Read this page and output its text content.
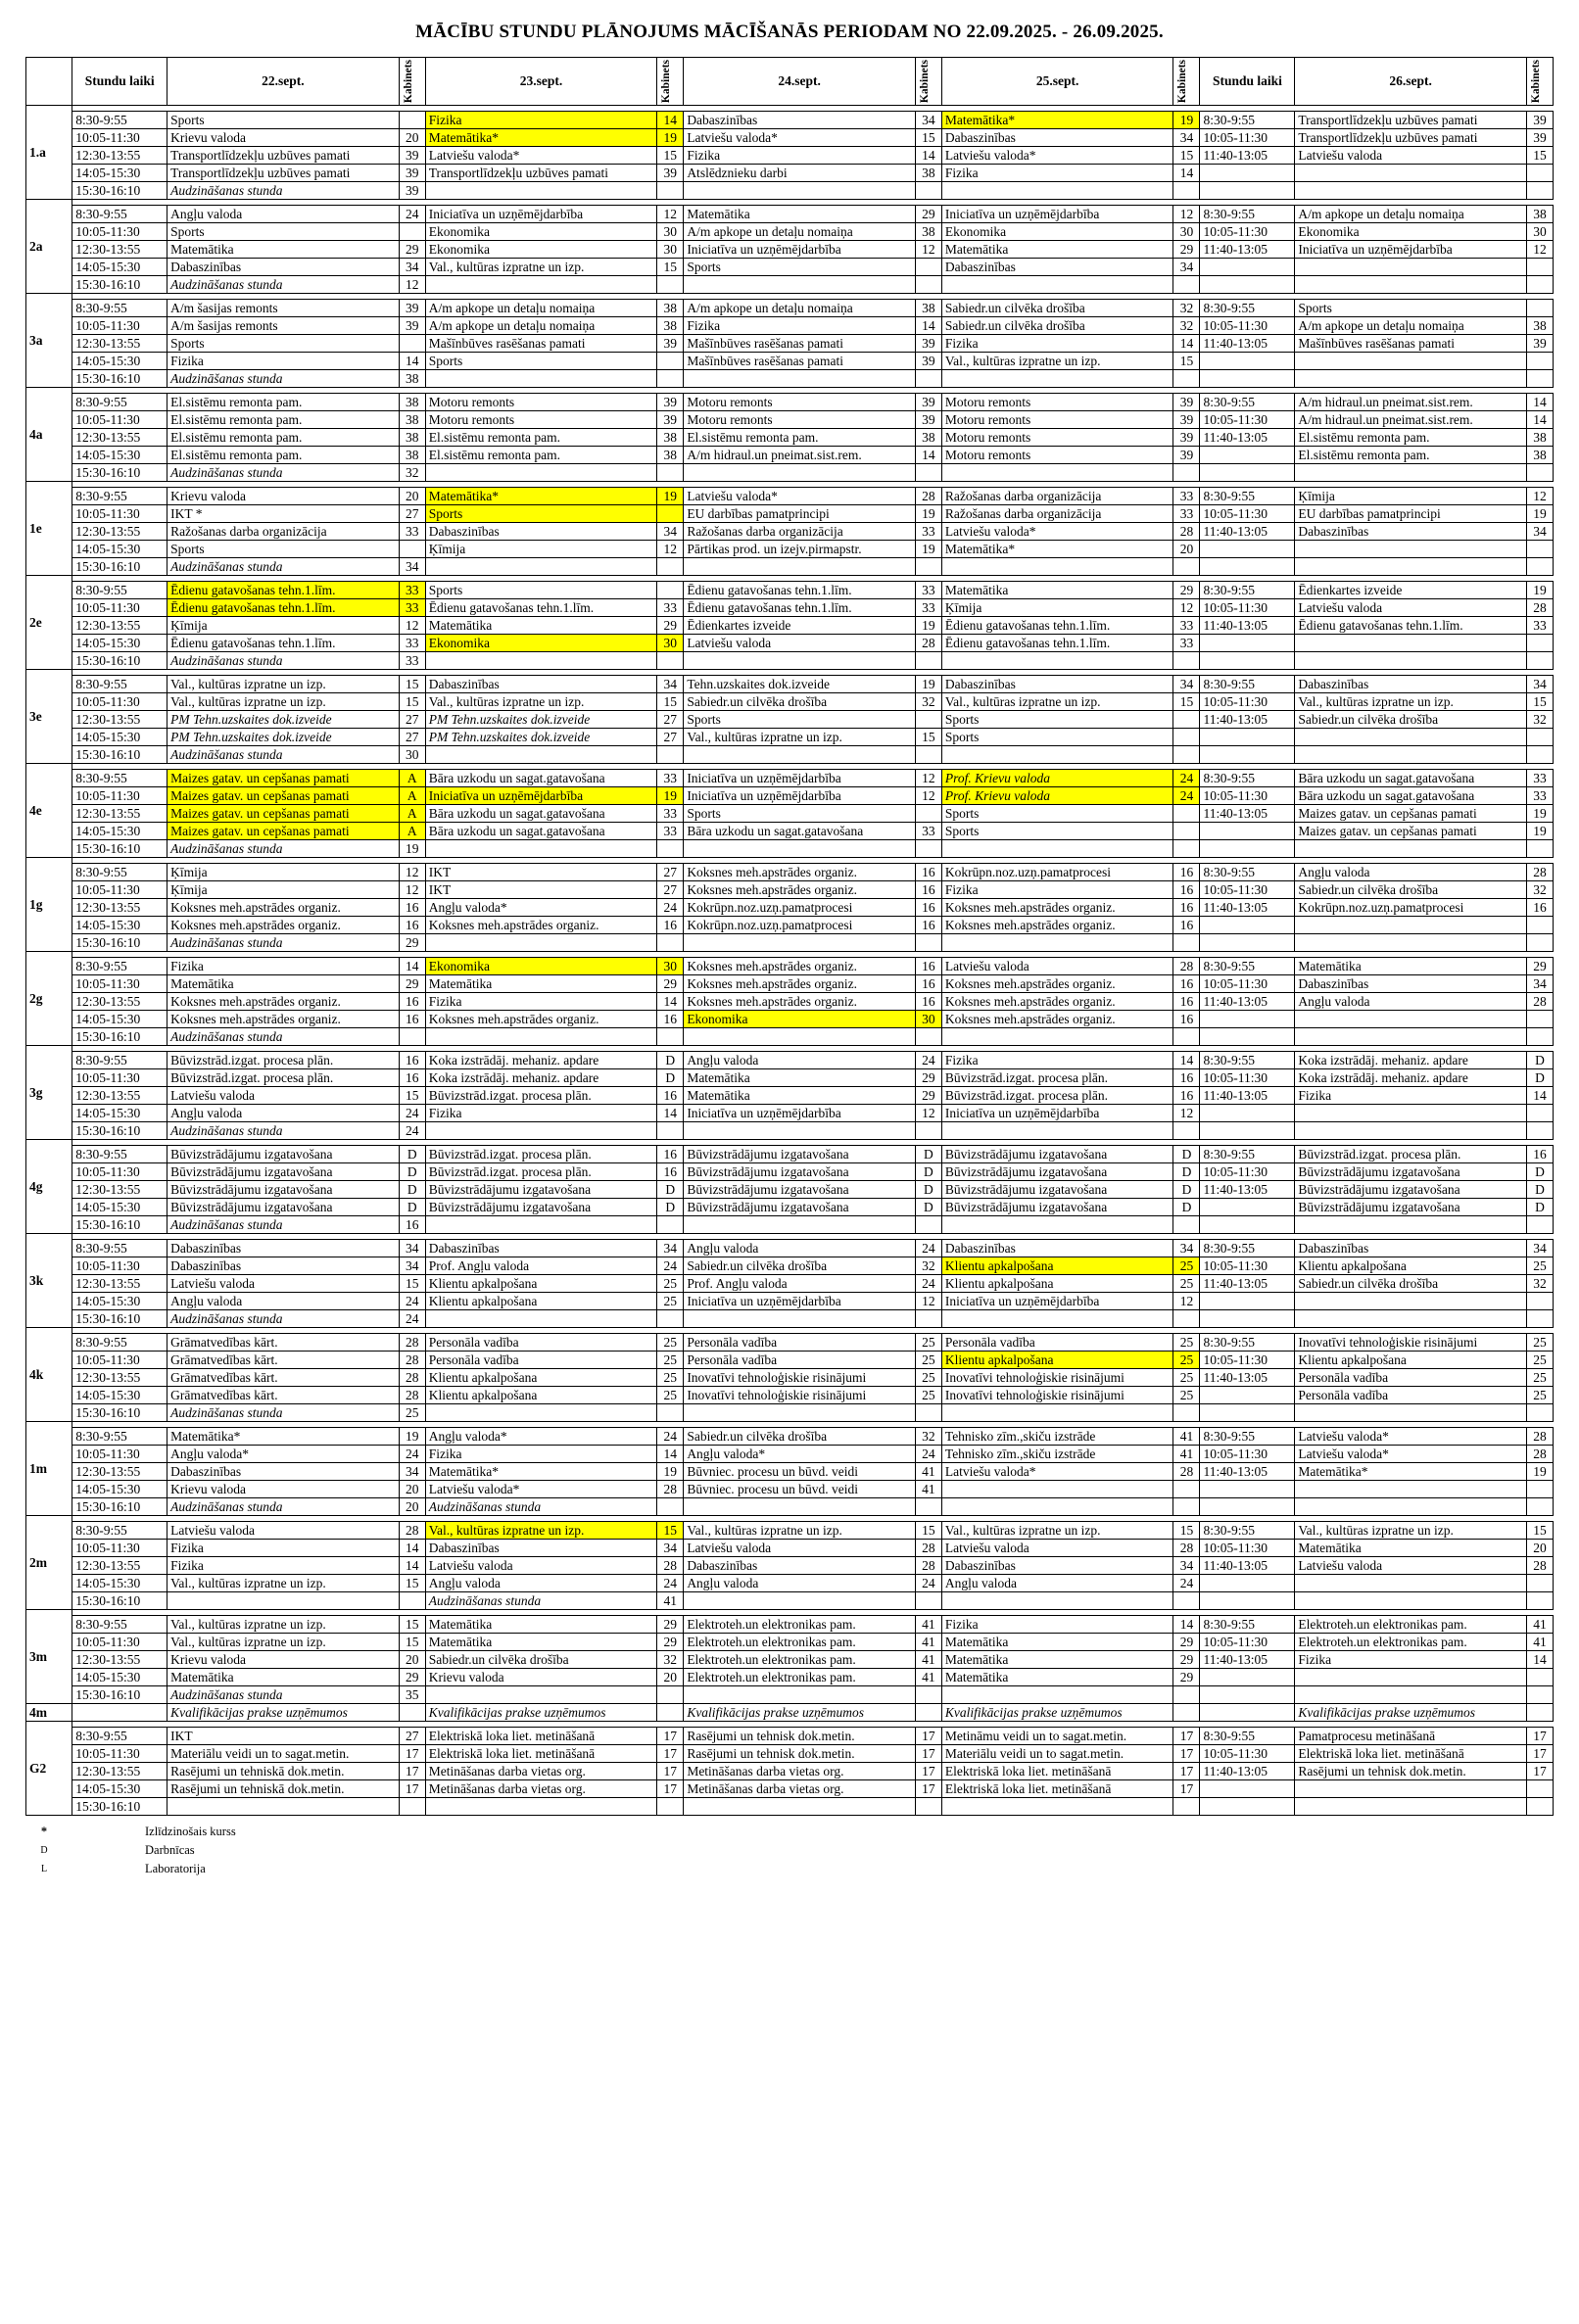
MĀCĪBU STUNDU PLĀNOJUMS MĀCĪŠANĀS PERIODAM NO 22.09.2025. - 26.09.2025.
	Stundu laiki	22.sept.	Kabinets	23.sept.	Kabinets	24.sept.	Kabinets	25.sept.	Kabinets	Stundu laiki	26.sept.	Kabinets

1.a												
	8:30-9:55	Sports		Fizika	14	Dabaszinības	34	Matemātika*	19	8:30-9:55	Transportlīdzekļu uzbūves pamati	39
	10:05-11:30	Krievu valoda	20	Matemātika*	19	Latviešu valoda*	15	Dabaszinības	34	10:05-11:30	Transportlīdzekļu uzbūves pamati	39
	12:30-13:55	Transportlīdzekļu uzbūves pamati	39	Latviešu valoda*	15	Fizika	14	Latviešu valoda*	15	11:40-13:05	Latviešu valoda	15
	14:05-15:30	Transportlīdzekļu uzbūves pamati	39	Transportlīdzekļu uzbūves pamati	39	Atslēdznieku darbi	38	Fizika	14			
	15:30-16:10	Audzināšanas stunda	39									
2a												
	8:30-9:55	Angļu valoda	24	Iniciatīva un uzņēmējdarbība	12	Matemātika	29	Iniciatīva un uzņēmējdarbība	12	8:30-9:55	A/m apkope un detaļu nomaiņa	38
	10:05-11:30	Sports		Ekonomika	30	A/m apkope un detaļu nomaiņa	38	Ekonomika	30	10:05-11:30	Ekonomika	30
	12:30-13:55	Matemātika	29	Ekonomika	30	Iniciatīva un uzņēmējdarbība	12	Matemātika	29	11:40-13:05	Iniciatīva un uzņēmējdarbība	12
	14:05-15:30	Dabaszinības	34	Val., kultūras izpratne un izp.	15	Sports		Dabaszinības	34			
	15:30-16:10	Audzināšanas stunda	12									
3a												
	8:30-9:55	A/m šasijas remonts	39	A/m apkope un detaļu nomaiņa	38	A/m apkope un detaļu nomaiņa	38	Sabiedr.un cilvēka drošība	32	8:30-9:55	Sports	
	10:05-11:30	A/m šasijas remonts	39	A/m apkope un detaļu nomaiņa	38	Fizika	14	Sabiedr.un cilvēka drošība	32	10:05-11:30	A/m apkope un detaļu nomaiņa	38
	12:30-13:55	Sports		Mašīnbūves rasēšanas pamati	39	Mašīnbūves rasēšanas pamati	39	Fizika	14	11:40-13:05	Mašīnbūves rasēšanas pamati	39
	14:05-15:30	Fizika	14	Sports		Mašīnbūves rasēšanas pamati	39	Val., kultūras izpratne un izp.	15			
	15:30-16:10	Audzināšanas stunda	38									
4a												
	8:30-9:55	El.sistēmu remonta pam.	38	Motoru remonts	39	Motoru remonts	39	Motoru remonts	39	8:30-9:55	A/m hidraul.un pneimat.sist.rem.	14
	10:05-11:30	El.sistēmu remonta pam.	38	Motoru remonts	39	Motoru remonts	39	Motoru remonts	39	10:05-11:30	A/m hidraul.un pneimat.sist.rem.	14
	12:30-13:55	El.sistēmu remonta pam.	38	El.sistēmu remonta pam.	38	El.sistēmu remonta pam.	38	Motoru remonts	39	11:40-13:05	El.sistēmu remonta pam.	38
	14:05-15:30	El.sistēmu remonta pam.	38	El.sistēmu remonta pam.	38	A/m hidraul.un pneimat.sist.rem.	14	Motoru remonts	39		El.sistēmu remonta pam.	38
	15:30-16:10	Audzināšanas stunda	32									
1e												
	8:30-9:55	Krievu valoda	20	Matemātika*	19	Latviešu valoda*	28	Ražošanas darba organizācija	33	8:30-9:55	Ķīmija	12
	10:05-11:30	IKT *	27	Sports		EU darbības pamatprincipi	19	Ražošanas darba organizācija	33	10:05-11:30	EU darbības pamatprincipi	19
	12:30-13:55	Ražošanas darba organizācija	33	Dabaszinības	34	Ražošanas darba organizācija	33	Latviešu valoda*	28	11:40-13:05	Dabaszinības	34
	14:05-15:30	Sports		Ķīmija	12	Pārtikas prod. un izejv.pirmapstr.	19	Matemātika*	20			
	15:30-16:10	Audzināšanas stunda	34									
2e												
	8:30-9:55	Ēdienu gatavošanas tehn.1.līm.	33	Sports		Ēdienu gatavošanas tehn.1.līm.	33	Matemātika	29	8:30-9:55	Ēdienkartes izveide	19
	10:05-11:30	Ēdienu gatavošanas tehn.1.līm.	33	Ēdienu gatavošanas tehn.1.līm.	33	Ēdienu gatavošanas tehn.1.līm.	33	Ķīmija	12	10:05-11:30	Latviešu valoda	28
	12:30-13:55	Ķīmija	12	Matemātika	29	Ēdienkartes izveide	19	Ēdienu gatavošanas tehn.1.līm.	33	11:40-13:05	Ēdienu gatavošanas tehn.1.līm.	33
	14:05-15:30	Ēdienu gatavošanas tehn.1.līm.	33	Ekonomika	30	Latviešu valoda	28	Ēdienu gatavošanas tehn.1.līm.	33			
	15:30-16:10	Audzināšanas stunda	33									
3e												
	8:30-9:55	Val., kultūras izpratne un izp.	15	Dabaszinības	34	Tehn.uzskaites dok.izveide	19	Dabaszinības	34	8:30-9:55	Dabaszinības	34
	10:05-11:30	Val., kultūras izpratne un izp.	15	Val., kultūras izpratne un izp.	15	Sabiedr.un cilvēka drošība	32	Val., kultūras izpratne un izp.	15	10:05-11:30	Val., kultūras izpratne un izp.	15
	12:30-13:55	PM Tehn.uzskaites dok.izveide	27	PM Tehn.uzskaites dok.izveide	27	Sports		Sports		11:40-13:05	Sabiedr.un cilvēka drošība	32
	14:05-15:30	PM Tehn.uzskaites dok.izveide	27	PM Tehn.uzskaites dok.izveide	27	Val., kultūras izpratne un izp.	15	Sports				
	15:30-16:10	Audzināšanas stunda	30									
4e												
	8:30-9:55	Maizes gatav. un cepšanas pamati	A	Bāra uzkodu un sagat.gatavošana	33	Iniciatīva un uzņēmējdarbība	12	Prof. Krievu valoda	24	8:30-9:55	Bāra uzkodu un sagat.gatavošana	33
	10:05-11:30	Maizes gatav. un cepšanas pamati	A	Iniciatīva un uzņēmējdarbība	19	Iniciatīva un uzņēmējdarbība	12	Prof. Krievu valoda	24	10:05-11:30	Bāra uzkodu un sagat.gatavošana	33
	12:30-13:55	Maizes gatav. un cepšanas pamati	A	Bāra uzkodu un sagat.gatavošana	33	Sports		Sports		11:40-13:05	Maizes gatav. un cepšanas pamati	19
	14:05-15:30	Maizes gatav. un cepšanas pamati	A	Bāra uzkodu un sagat.gatavošana	33	Bāra uzkodu un sagat.gatavošana	33	Sports			Maizes gatav. un cepšanas pamati	19
	15:30-16:10	Audzināšanas stunda	19									
1g												
	8:30-9:55	Ķīmija	12	IKT	27	Koksnes meh.apstrādes organiz.	16	Kokrūpn.noz.uzņ.pamatprocesi	16	8:30-9:55	Angļu valoda	28
	10:05-11:30	Ķīmija	12	IKT	27	Koksnes meh.apstrādes organiz.	16	Fizika	16	10:05-11:30	Sabiedr.un cilvēka drošība	32
	12:30-13:55	Koksnes meh.apstrādes organiz.	16	Angļu valoda*	24	Kokrūpn.noz.uzņ.pamatprocesi	16	Koksnes meh.apstrādes organiz.	16	11:40-13:05	Kokrūpn.noz.uzņ.pamatprocesi	16
	14:05-15:30	Koksnes meh.apstrādes organiz.	16	Koksnes meh.apstrādes organiz.	16	Kokrūpn.noz.uzņ.pamatprocesi	16	Koksnes meh.apstrādes organiz.	16			
	15:30-16:10	Audzināšanas stunda	29									
2g												
	8:30-9:55	Fizika	14	Ekonomika	30	Koksnes meh.apstrādes organiz.	16	Latviešu valoda	28	8:30-9:55	Matemātika	29
	10:05-11:30	Matemātika	29	Matemātika	29	Koksnes meh.apstrādes organiz.	16	Koksnes meh.apstrādes organiz.	16	10:05-11:30	Dabaszinības	34
	12:30-13:55	Koksnes meh.apstrādes organiz.	16	Fizika	14	Koksnes meh.apstrādes organiz.	16	Koksnes meh.apstrādes organiz.	16	11:40-13:05	Angļu valoda	28
	14:05-15:30	Koksnes meh.apstrādes organiz.	16	Koksnes meh.apstrādes organiz.	16	Ekonomika	30	Koksnes meh.apstrādes organiz.	16			
	15:30-16:10	Audzināšanas stunda										
3g												
	8:30-9:55	Būvizstrād.izgat. procesa plān.	16	Koka izstrādāj. mehaniz. apdare	D	Angļu valoda	24	Fizika	14	8:30-9:55	Koka izstrādāj. mehaniz. apdare	D
	10:05-11:30	Būvizstrād.izgat. procesa plān.	16	Koka izstrādāj. mehaniz. apdare	D	Matemātika	29	Būvizstrād.izgat. procesa plān.	16	10:05-11:30	Koka izstrādāj. mehaniz. apdare	D
	12:30-13:55	Latviešu valoda	15	Būvizstrād.izgat. procesa plān.	16	Matemātika	29	Būvizstrād.izgat. procesa plān.	16	11:40-13:05	Fizika	14
	14:05-15:30	Angļu valoda	24	Fizika	14	Iniciatīva un uzņēmējdarbība	12	Iniciatīva un uzņēmējdarbība	12			
	15:30-16:10	Audzināšanas stunda	24									
4g												
	8:30-9:55	Būvizstrādājumu izgatavošana	D	Būvizstrād.izgat. procesa plān.	16	Būvizstrādājumu izgatavošana	D	Būvizstrādājumu izgatavošana	D	8:30-9:55	Būvizstrād.izgat. procesa plān.	16
	10:05-11:30	Būvizstrādājumu izgatavošana	D	Būvizstrād.izgat. procesa plān.	16	Būvizstrādājumu izgatavošana	D	Būvizstrādājumu izgatavošana	D	10:05-11:30	Būvizstrādājumu izgatavošana	D
	12:30-13:55	Būvizstrādājumu izgatavošana	D	Būvizstrādājumu izgatavošana	D	Būvizstrādājumu izgatavošana	D	Būvizstrādājumu izgatavošana	D	11:40-13:05	Būvizstrādājumu izgatavošana	D
	14:05-15:30	Būvizstrādājumu izgatavošana	D	Būvizstrādājumu izgatavošana	D	Būvizstrādājumu izgatavošana	D	Būvizstrādājumu izgatavošana	D		Būvizstrādājumu izgatavošana	D
	15:30-16:10	Audzināšanas stunda	16									
3k												
	8:30-9:55	Dabaszinības	34	Dabaszinības	34	Angļu valoda	24	Dabaszinības	34	8:30-9:55	Dabaszinības	34
	10:05-11:30	Dabaszinības	34	Prof. Angļu valoda	24	Sabiedr.un cilvēka drošība	32	Klientu apkalpošana	25	10:05-11:30	Klientu apkalpošana	25
	12:30-13:55	Latviešu valoda	15	Klientu apkalpošana	25	Prof. Angļu valoda	24	Klientu apkalpošana	25	11:40-13:05	Sabiedr.un cilvēka drošība	32
	14:05-15:30	Angļu valoda	24	Klientu apkalpošana	25	Iniciatīva un uzņēmējdarbība	12	Iniciatīva un uzņēmējdarbība	12			
	15:30-16:10	Audzināšanas stunda	24									
4k												
	8:30-9:55	Grāmatvedības kārt.	28	Personāla vadība	25	Personāla vadība	25	Personāla vadība	25	8:30-9:55	Inovatīvi tehnoloģiskie risinājumi	25
	10:05-11:30	Grāmatvedības kārt.	28	Personāla vadība	25	Personāla vadība	25	Klientu apkalpošana	25	10:05-11:30	Klientu apkalpošana	25
	12:30-13:55	Grāmatvedības kārt.	28	Klientu apkalpošana	25	Inovatīvi tehnoloģiskie risinājumi	25	Inovatīvi tehnoloģiskie risinājumi	25	11:40-13:05	Personāla vadība	25
	14:05-15:30	Grāmatvedības kārt.	28	Klientu apkalpošana	25	Inovatīvi tehnoloģiskie risinājumi	25	Inovatīvi tehnoloģiskie risinājumi	25		Personāla vadība	25
	15:30-16:10	Audzināšanas stunda	25									
1m												
	8:30-9:55	Matemātika*	19	Angļu valoda*	24	Sabiedr.un cilvēka drošība	32	Tehnisko zīm.,skiču izstrāde	41	8:30-9:55	Latviešu valoda*	28
	10:05-11:30	Angļu valoda*	24	Fizika	14	Angļu valoda*	24	Tehnisko zīm.,skiču izstrāde	41	10:05-11:30	Latviešu valoda*	28
	12:30-13:55	Dabaszinības	34	Matemātika*	19	Būvniec. procesu un būvd. veidi	41	Latviešu valoda*	28	11:40-13:05	Matemātika*	19
	14:05-15:30	Krievu valoda	20	Latviešu valoda*	28	Būvniec. procesu un būvd. veidi	41					
	15:30-16:10	Audzināšanas stunda	20	Audzināšanas stunda								
2m												
	8:30-9:55	Latviešu valoda	28	Val., kultūras izpratne un izp.	15	Val., kultūras izpratne un izp.	15	Val., kultūras izpratne un izp.	15	8:30-9:55	Val., kultūras izpratne un izp.	15
	10:05-11:30	Fizika	14	Dabaszinības	34	Latviešu valoda	28	Latviešu valoda	28	10:05-11:30	Matemātika	20
	12:30-13:55	Fizika	14	Latviešu valoda	28	Dabaszinības	28	Dabaszinības	34	11:40-13:05	Latviešu valoda	28
	14:05-15:30	Val., kultūras izpratne un izp.	15	Angļu valoda	24	Angļu valoda	24	Angļu valoda	24			
	15:30-16:10			Audzināšanas stunda	41							
3m												
	8:30-9:55	Val., kultūras izpratne un izp.	15	Matemātika	29	Elektroteh.un elektronikas pam.	41	Fizika	14	8:30-9:55	Elektroteh.un elektronikas pam.	41
	10:05-11:30	Val., kultūras izpratne un izp.	15	Matemātika	29	Elektroteh.un elektronikas pam.	41	Matemātika	29	10:05-11:30	Elektroteh.un elektronikas pam.	41
	12:30-13:55	Krievu valoda	20	Sabiedr.un cilvēka drošība	32	Elektroteh.un elektronikas pam.	41	Matemātika	29	11:40-13:05	Fizika	14
	14:05-15:30	Matemātika	29	Krievu valoda	20	Elektroteh.un elektronikas pam.	41	Matemātika	29			
	15:30-16:10	Audzināšanas stunda	35									
4m		Kvalifikācijas prakse uzņēmumos		Kvalifikācijas prakse uzņēmumos		Kvalifikācijas prakse uzņēmumos		Kvalifikācijas prakse uzņēmumos			Kvalifikācijas prakse uzņēmumos	
G2												
	8:30-9:55	IKT	27	Elektriskā loka liet. metināšanā	17	Rasējumi un tehnisk dok.metin.	17	Metināmu veidi un to sagat.metin.	17	8:30-9:55	Pamatprocesu metināšanā	17
	10:05-11:30	Materiālu veidi un to sagat.metin.	17	Elektriskā loka liet. metināšanā	17	Rasējumi un tehnisk dok.metin.	17	Materiālu veidi un to sagat.metin.	17	10:05-11:30	Elektriskā loka liet. metināšanā	17
	12:30-13:55	Rasējumi un tehniskā dok.metin.	17	Metināšanas darba vietas org.	17	Metināšanas darba vietas org.	17	Elektriskā loka liet. metināšanā	17	11:40-13:05	Rasējumi un tehnisk dok.metin.	17
	14:05-15:30	Rasējumi un tehniskā dok.metin.	17	Metināšanas darba vietas org.	17	Metināšanas darba vietas org.	17	Elektriskā loka liet. metināšanā	17			
	15:30-16:10											
*		Izlīdzinošais kurss
D		Darbnīcas
L		Laboratorija
